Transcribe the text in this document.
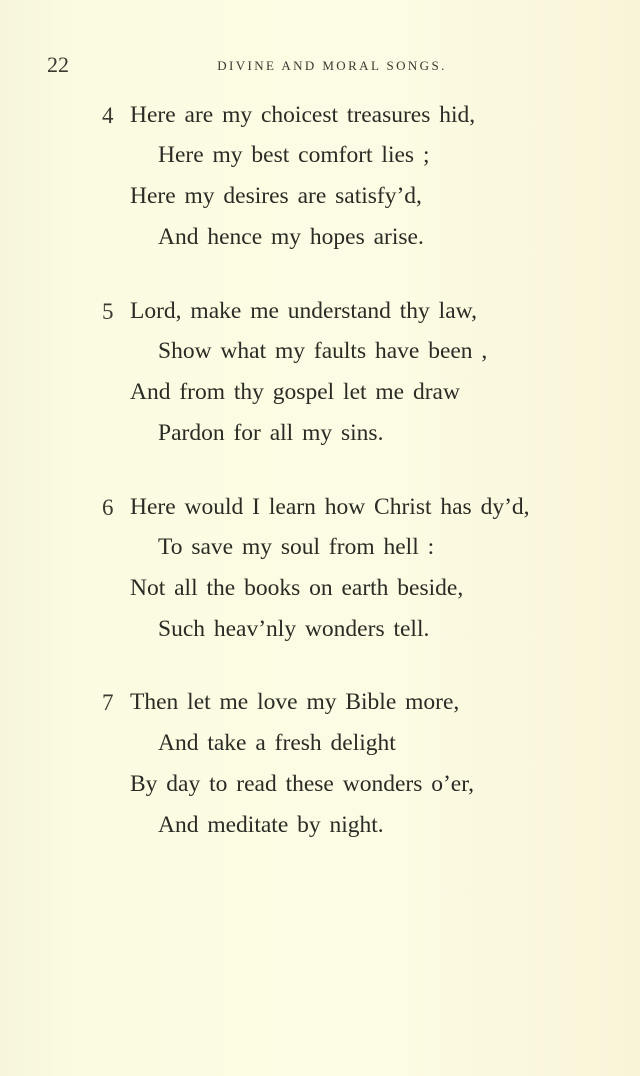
22	DIVINE AND MORAL SONGS.
4 Here are my choicest treasures hid,
Here my best comfort lies ;
Here my desires are satisfy’d,
And hence my hopes arise.
5 Lord, make me understand thy law,
Show what my faults have been ,
And from thy gospel let me draw
Pardon for all my sins.
6 Here would I learn how Christ has dy’d,
To save my soul from hell :
Not all the books on earth beside,
Such heav’nly wonders tell.
7 Then let me love my Bible more,
And take a fresh delight
By day to read these wonders o’er,
And meditate by night.
